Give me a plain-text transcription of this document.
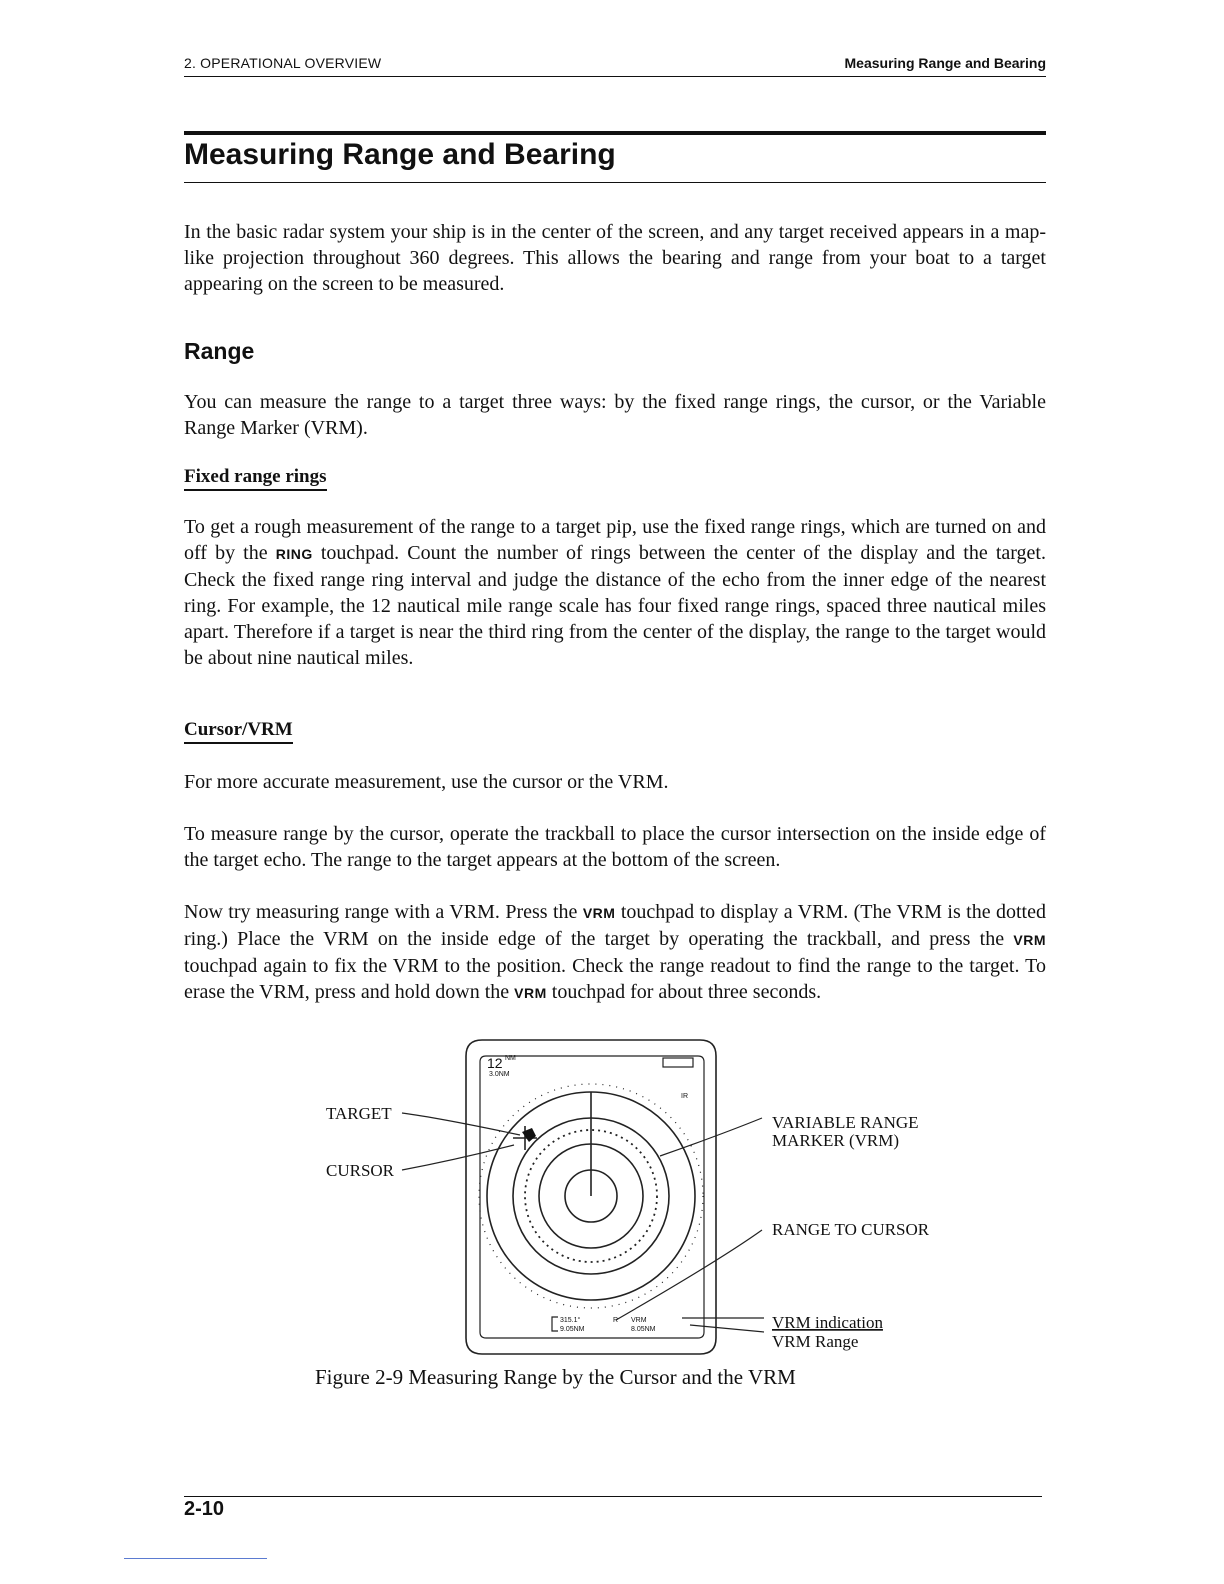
2. OPERATIONAL OVERVIEW	Measuring Range and Bearing
Measuring Range and Bearing

In the basic radar system your ship is in the center of the screen, and any target received appears in a map-like projection throughout 360 degrees. This allows the bearing and range from your boat to a target appearing on the screen to be measured.

Range

You can measure the range to a target three ways: by the fixed range rings, the cursor, or the Variable Range Marker (VRM).

Fixed range rings

To get a rough measurement of the range to a target pip, use the fixed range rings, which are turned on and off by the RING touchpad. Count the number of rings between the center of the display and the target. Check the fixed range ring interval and judge the distance of the echo from the inner edge of the nearest ring. For example, the 12 nautical mile range scale has four fixed range rings, spaced three nautical miles apart. Therefore if a target is near the third ring from the center of the display, the range to the target would be about nine nautical miles.

Cursor/VRM

For more accurate measurement, use the cursor or the VRM.

To measure range by the cursor, operate the trackball to place the cursor intersection on the inside edge of the target echo. The range to the target appears at the bottom of the screen.

Now try measuring range with a VRM. Press the VRM touchpad to display a VRM. (The VRM is the dotted ring.) Place the VRM on the inside edge of the target by operating the trackball, and press the VRM touchpad again to fix the VRM to the position. Check the range readout to find the range to the target. To erase the VRM, press and hold down the VRM touchpad for about three seconds.

12 NM
3.0NM
IR
315.1°	R
9.05NM
VRM
8.05NM
TARGET
CURSOR
VARIABLE RANGE
MARKER (VRM)
RANGE TO CURSOR
VRM indication
VRM Range
Figure 2-9 Measuring Range by the Cursor and the VRM
2-10
